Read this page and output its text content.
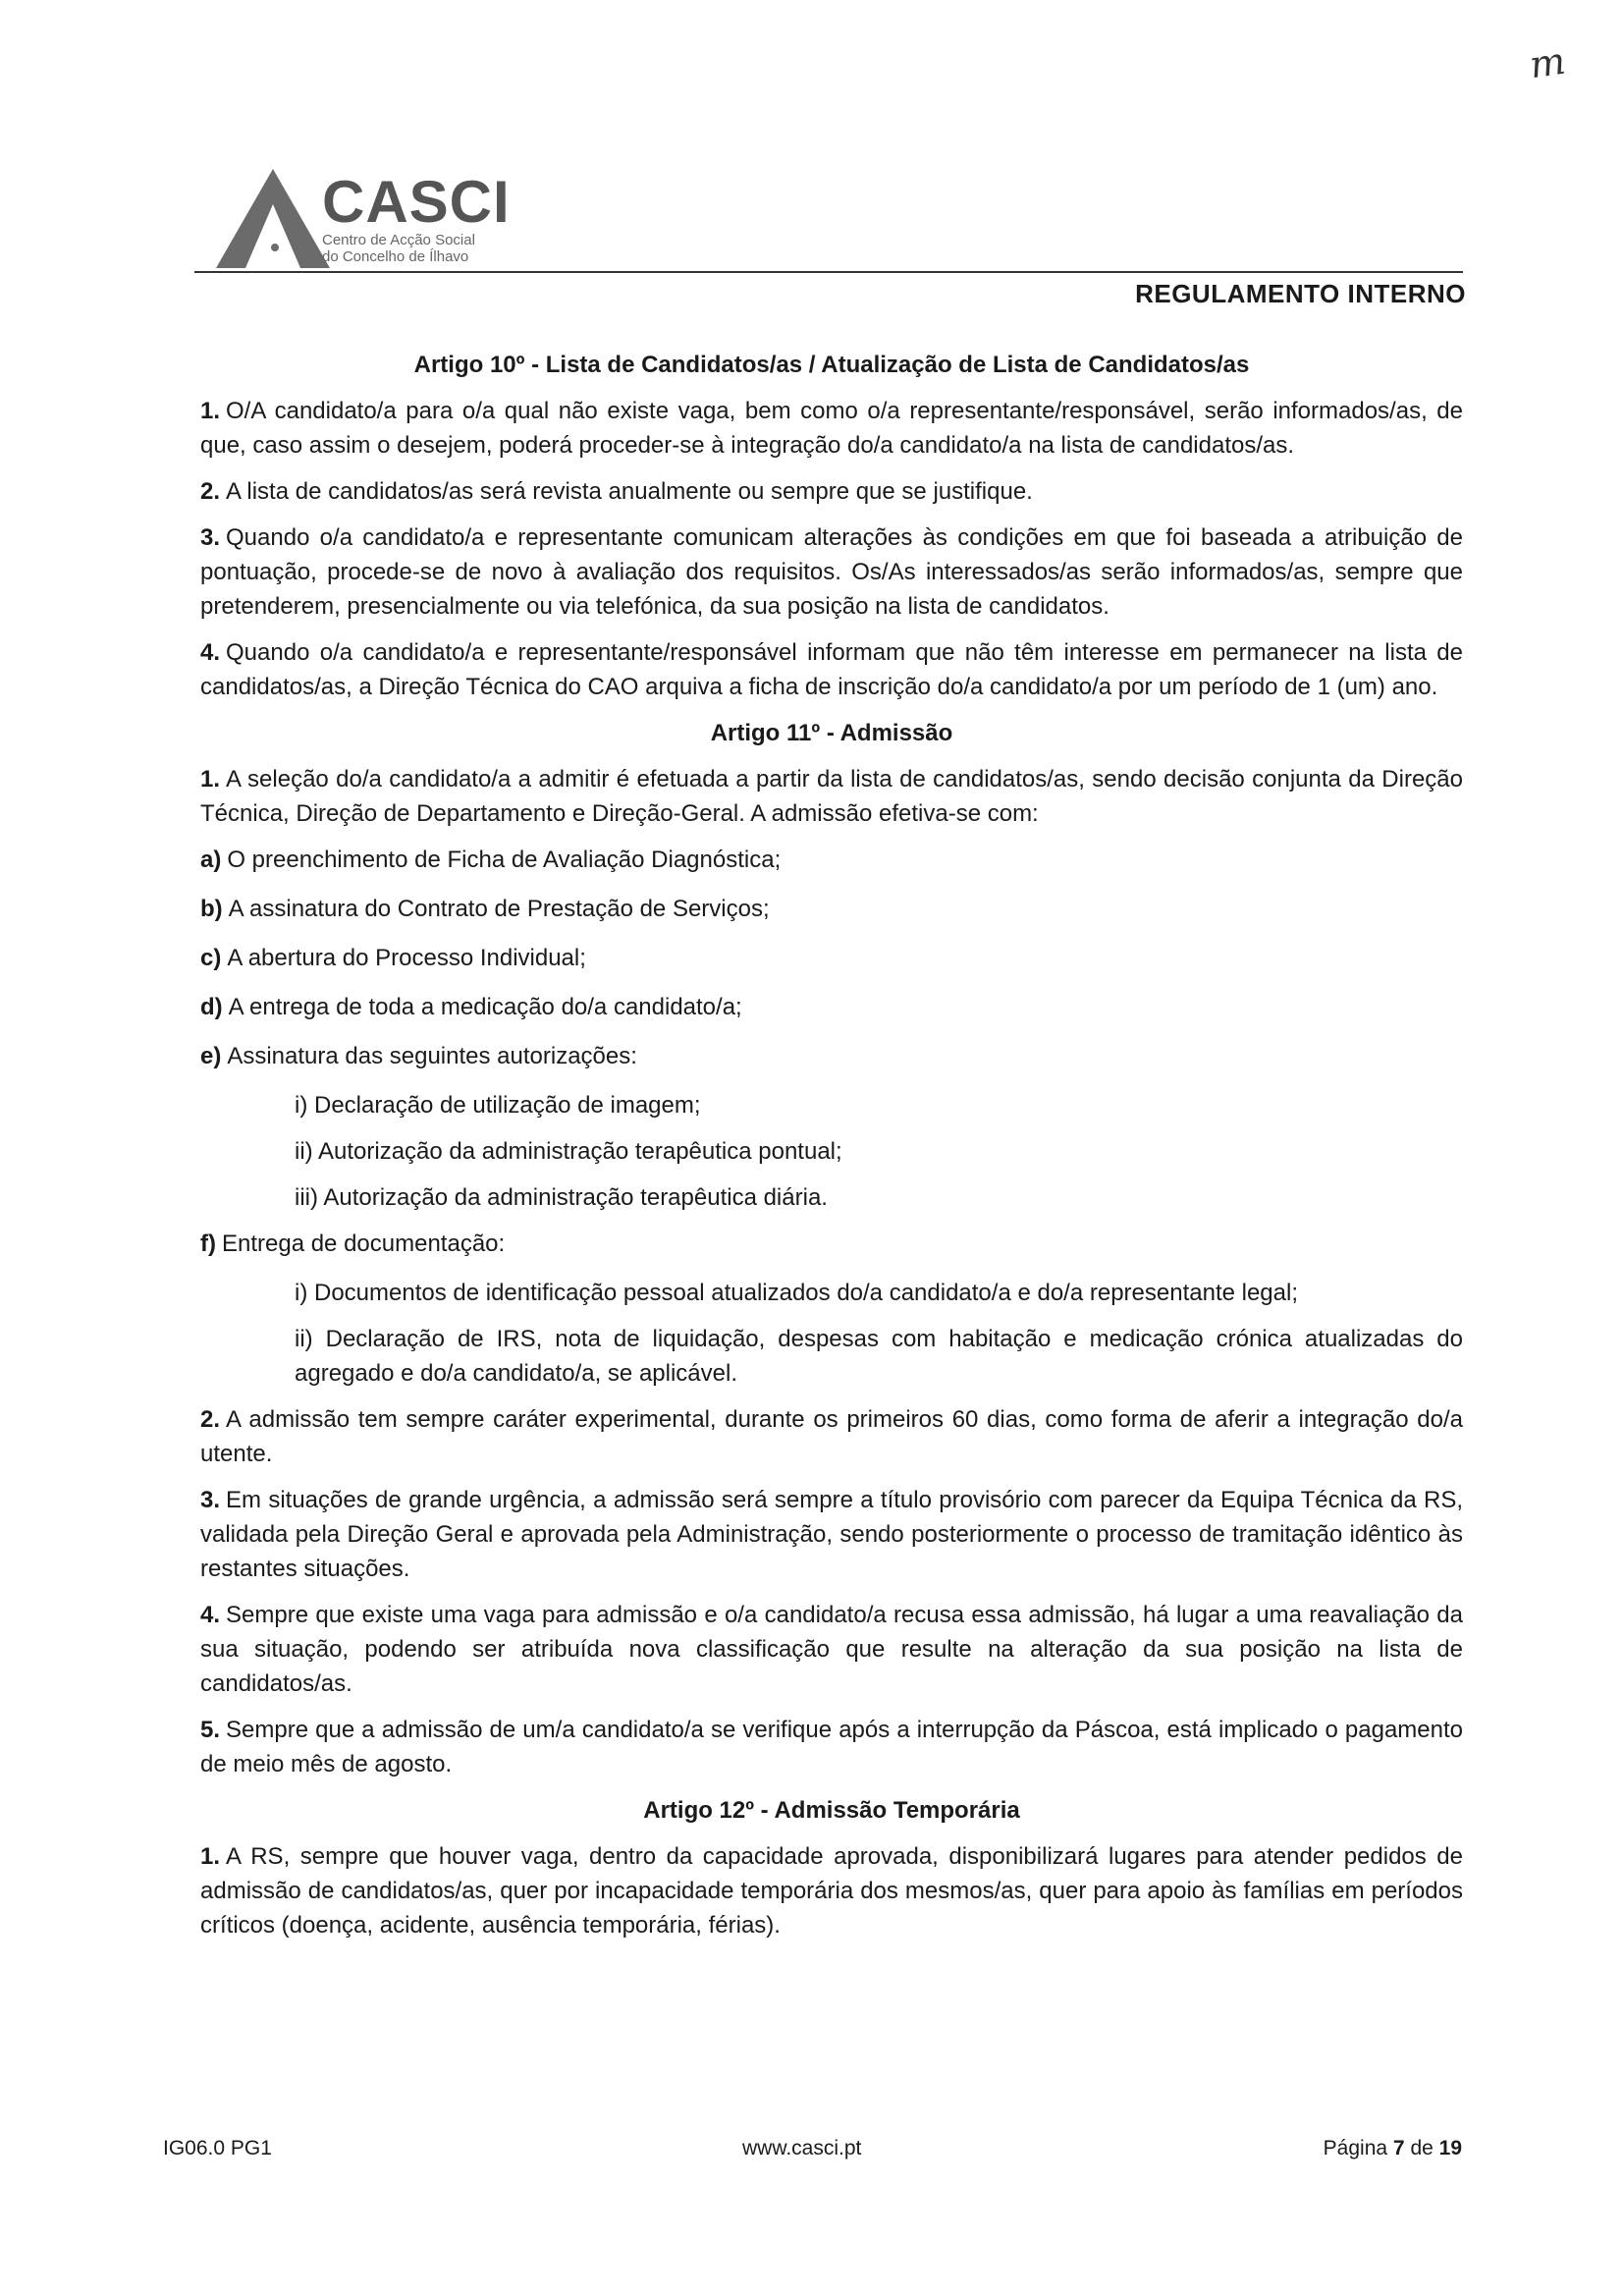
m
CASCI
Centro de Acção Social
do Concelho de Ílhavo
REGULAMENTO INTERNO
Artigo 10º - Lista de Candidatos/as / Atualização de Lista de Candidatos/as

1. O/A candidato/a para o/a qual não existe vaga, bem como o/a representante/responsável, serão informados/as, de que, caso assim o desejem, poderá proceder-se à integração do/a candidato/a na lista de candidatos/as.

2. A lista de candidatos/as será revista anualmente ou sempre que se justifique.

3. Quando o/a candidato/a e representante comunicam alterações às condições em que foi baseada a atribuição de pontuação, procede-se de novo à avaliação dos requisitos. Os/As interessados/as serão informados/as, sempre que pretenderem, presencialmente ou via telefónica, da sua posição na lista de candidatos.

4. Quando o/a candidato/a e representante/responsável informam que não têm interesse em permanecer na lista de candidatos/as, a Direção Técnica do CAO arquiva a ficha de inscrição do/a candidato/a por um período de 1 (um) ano.

Artigo 11º - Admissão

1. A seleção do/a candidato/a a admitir é efetuada a partir da lista de candidatos/as, sendo decisão conjunta da Direção Técnica, Direção de Departamento e Direção-Geral. A admissão efetiva-se com:

a) O preenchimento de Ficha de Avaliação Diagnóstica;

b) A assinatura do Contrato de Prestação de Serviços;

c) A abertura do Processo Individual;

d) A entrega de toda a medicação do/a candidato/a;

e) Assinatura das seguintes autorizações:

i) Declaração de utilização de imagem;

ii) Autorização da administração terapêutica pontual;

iii) Autorização da administração terapêutica diária.

f) Entrega de documentação:

i) Documentos de identificação pessoal atualizados do/a candidato/a e do/a representante legal;

ii) Declaração de IRS, nota de liquidação, despesas com habitação e medicação crónica atualizadas do agregado e do/a candidato/a, se aplicável.

2. A admissão tem sempre caráter experimental, durante os primeiros 60 dias, como forma de aferir a integração do/a utente.

3. Em situações de grande urgência, a admissão será sempre a título provisório com parecer da Equipa Técnica da RS, validada pela Direção Geral e aprovada pela Administração, sendo posteriormente o processo de tramitação idêntico às restantes situações.

4. Sempre que existe uma vaga para admissão e o/a candidato/a recusa essa admissão, há lugar a uma reavaliação da sua situação, podendo ser atribuída nova classificação que resulte na alteração da sua posição na lista de candidatos/as.

5. Sempre que a admissão de um/a candidato/a se verifique após a interrupção da Páscoa, está implicado o pagamento de meio mês de agosto.

Artigo 12º - Admissão Temporária

1. A RS, sempre que houver vaga, dentro da capacidade aprovada, disponibilizará lugares para atender pedidos de admissão de candidatos/as, quer por incapacidade temporária dos mesmos/as, quer para apoio às famílias em períodos críticos (doença, acidente, ausência temporária, férias).

IG06.0 PG1	www.casci.pt	Página 7 de 19
